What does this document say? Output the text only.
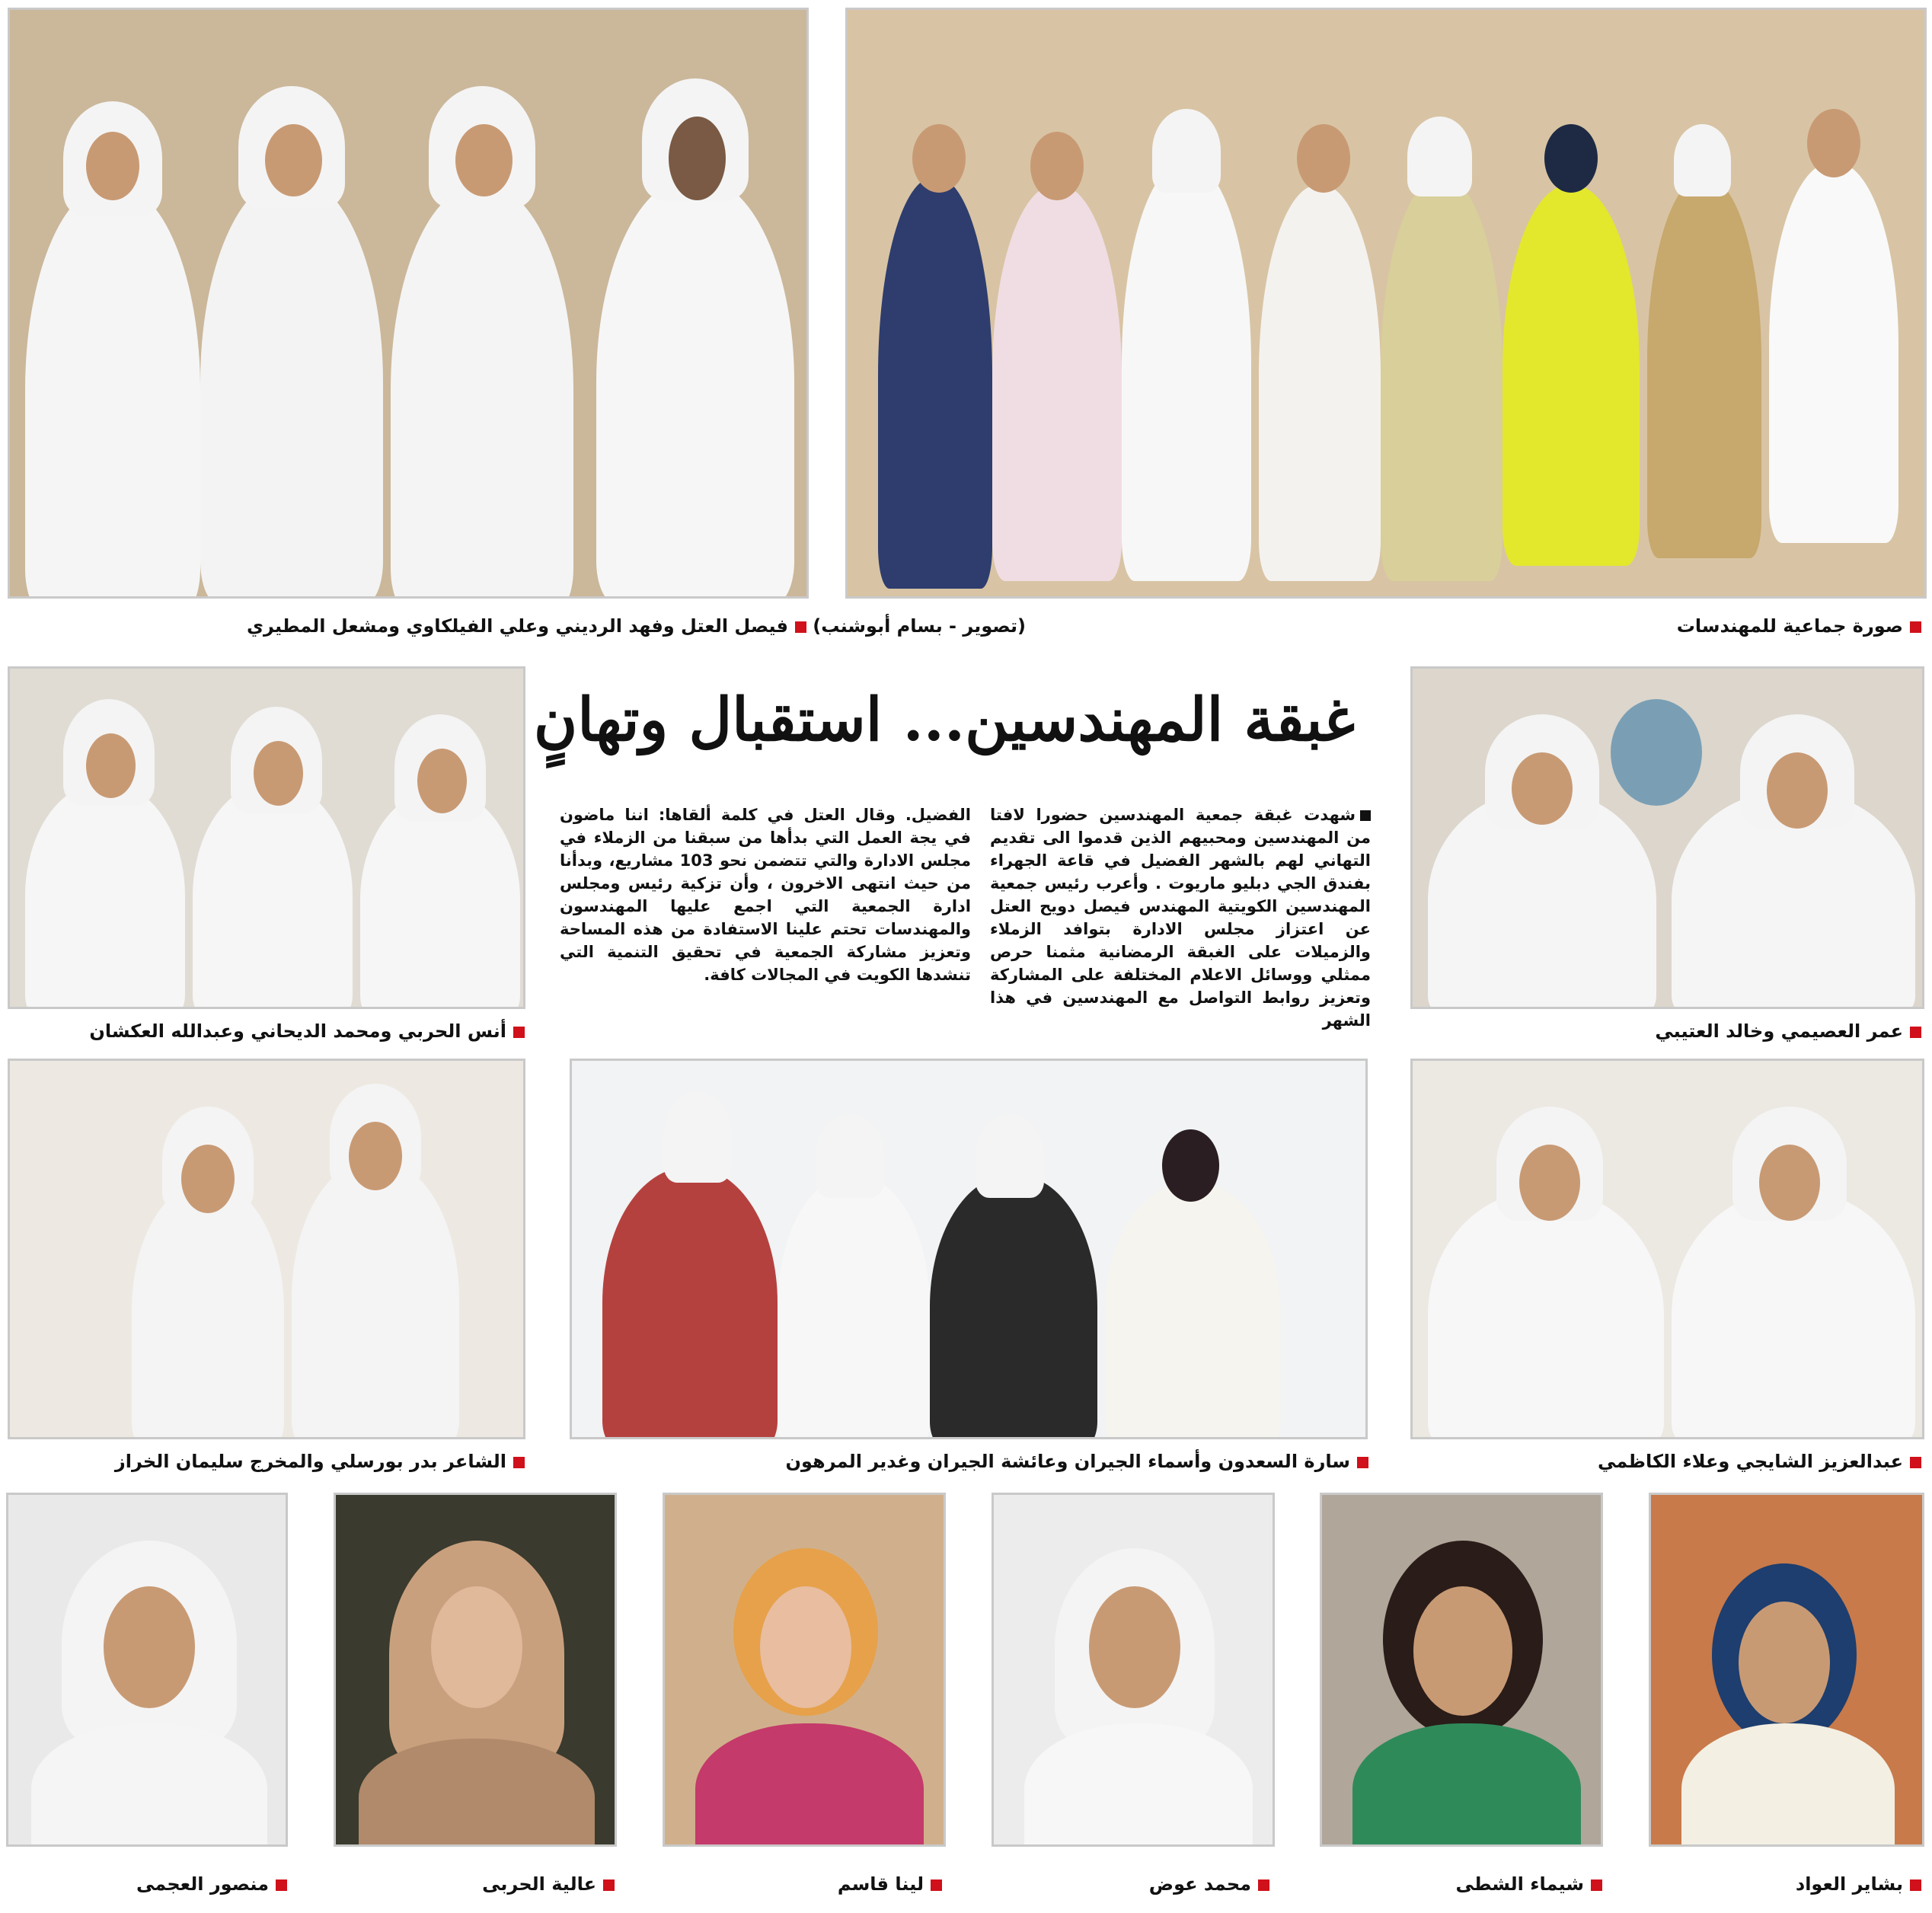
صورة جماعية للمهندسات
(تصوير - بسام أبوشنب)
فيصل العتل وفهد الرديني وعلي الفيلكاوي ومشعل المطيري
غبقة المهندسين... استقبال وتهانٍ
شهدت غبقة جمعية المهندسين حضورا لافتا من المهندسين ومحبيهم الذين قدموا الى تقديم التهاني لهم بالشهر الفضيل في قاعة الجهراء بفندق الجي دبليو ماريوت . وأعرب رئيس جمعية المهندسين الكويتية المهندس فيصل دويح العتل عن اعتزاز مجلس الادارة بتوافد الزملاء والزميلات على الغبقة الرمضانية مثمنا حرص ممثلي ووسائل الاعلام المختلفة على المشاركة وتعزيز روابط التواصل مع المهندسين في هذا الشهر
الفضيل. وقال العتل في كلمة ألقاها: اننا ماضون في يجة العمل التي بدأها من سبقنا من الزملاء في مجلس الادارة والتي تتضمن نحو 103 مشاريع، وبدأنا من حيث انتهى الاخرون ، وأن تزكية رئيس ومجلس ادارة الجمعية التي اجمع عليها المهندسون والمهندسات تحتم علينا الاستفادة من هذه المساحة وتعزيز مشاركة الجمعية في تحقيق التنمية التي تنشدها الكويت في المجالات كافة.
عمر العصيمي وخالد العتيبي
أنس الحربي ومحمد الديحاني وعبدالله العكشان
عبدالعزيز الشايجي وعلاء الكاظمي
سارة السعدون وأسماء الجيران وعائشة الجيران وغدير المرهون
الشاعر بدر بورسلي والمخرج سليمان الخراز
بشاير العواد
شيماء الشطى
محمد عوض
لينا قاسم
عالية الحربى
منصور العجمى
